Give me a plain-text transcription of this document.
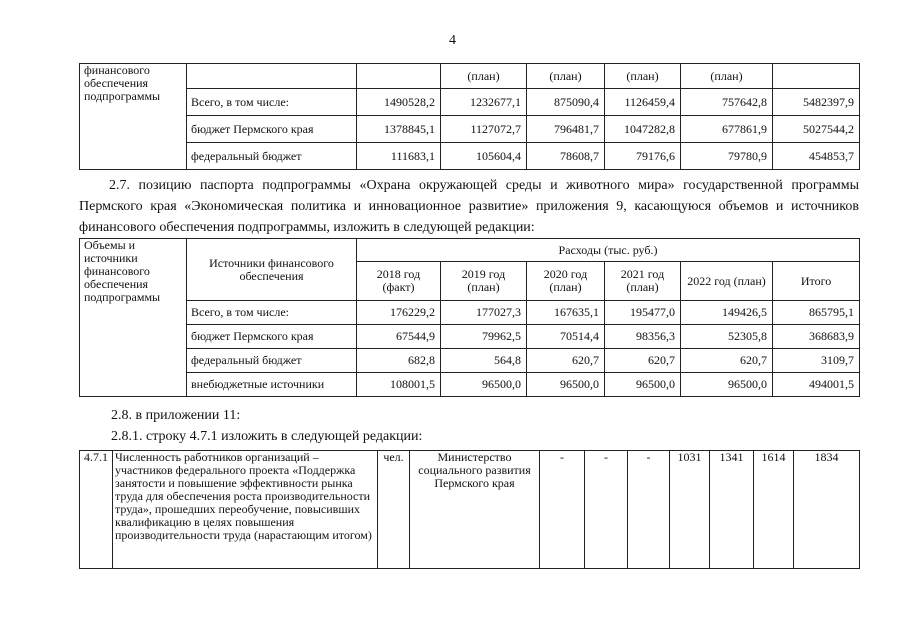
4
финансового обеспечения подпрограммы			(план)	(план)	(план)	(план)	
	Всего, в том числе:	1490528,2	1232677,1	875090,4	1126459,4	757642,8	5482397,9
	бюджет Пермского края	1378845,1	1127072,7	796481,7	1047282,8	677861,9	5027544,2
	федеральный бюджет	111683,1	105604,4	78608,7	79176,6	79780,9	454853,7
2.7. позицию паспорта подпрограммы «Охрана окружающей среды и животного мира» государственной программы Пермского края «Экономическая политика и инновационное развитие» приложения 9, касающуюся объемов и источников финансового обеспечения подпрограммы, изложить в следующей редакции:
Объемы и источники финансового обеспечения подпрограммы	Источники финансового обеспечения	Расходы (тыс. руб.)					
		2018 год (факт)	2019 год (план)	2020 год (план)	2021 год (план)	2022 год (план)	Итого
	Всего, в том числе:	176229,2	177027,3	167635,1	195477,0	149426,5	865795,1
	бюджет Пермского края	67544,9	79962,5	70514,4	98356,3	52305,8	368683,9
	федеральный бюджет	682,8	564,8	620,7	620,7	620,7	3109,7
	внебюджетные источники	108001,5	96500,0	96500,0	96500,0	96500,0	494001,5
2.8. в приложении 11:
2.8.1. строку 4.7.1 изложить в следующей редакции:
4.7.1	Численность работников организаций – участников федерального проекта «Поддержка занятости и повышение эффективности рынка труда для обеспечения роста производительности труда», прошедших переобучение, повысивших квалификацию в целях повышения производительности труда (нарастающим итогом)	чел.	Министерство социального развития Пермского края	-	-	-	1031	1341	1614	1834
